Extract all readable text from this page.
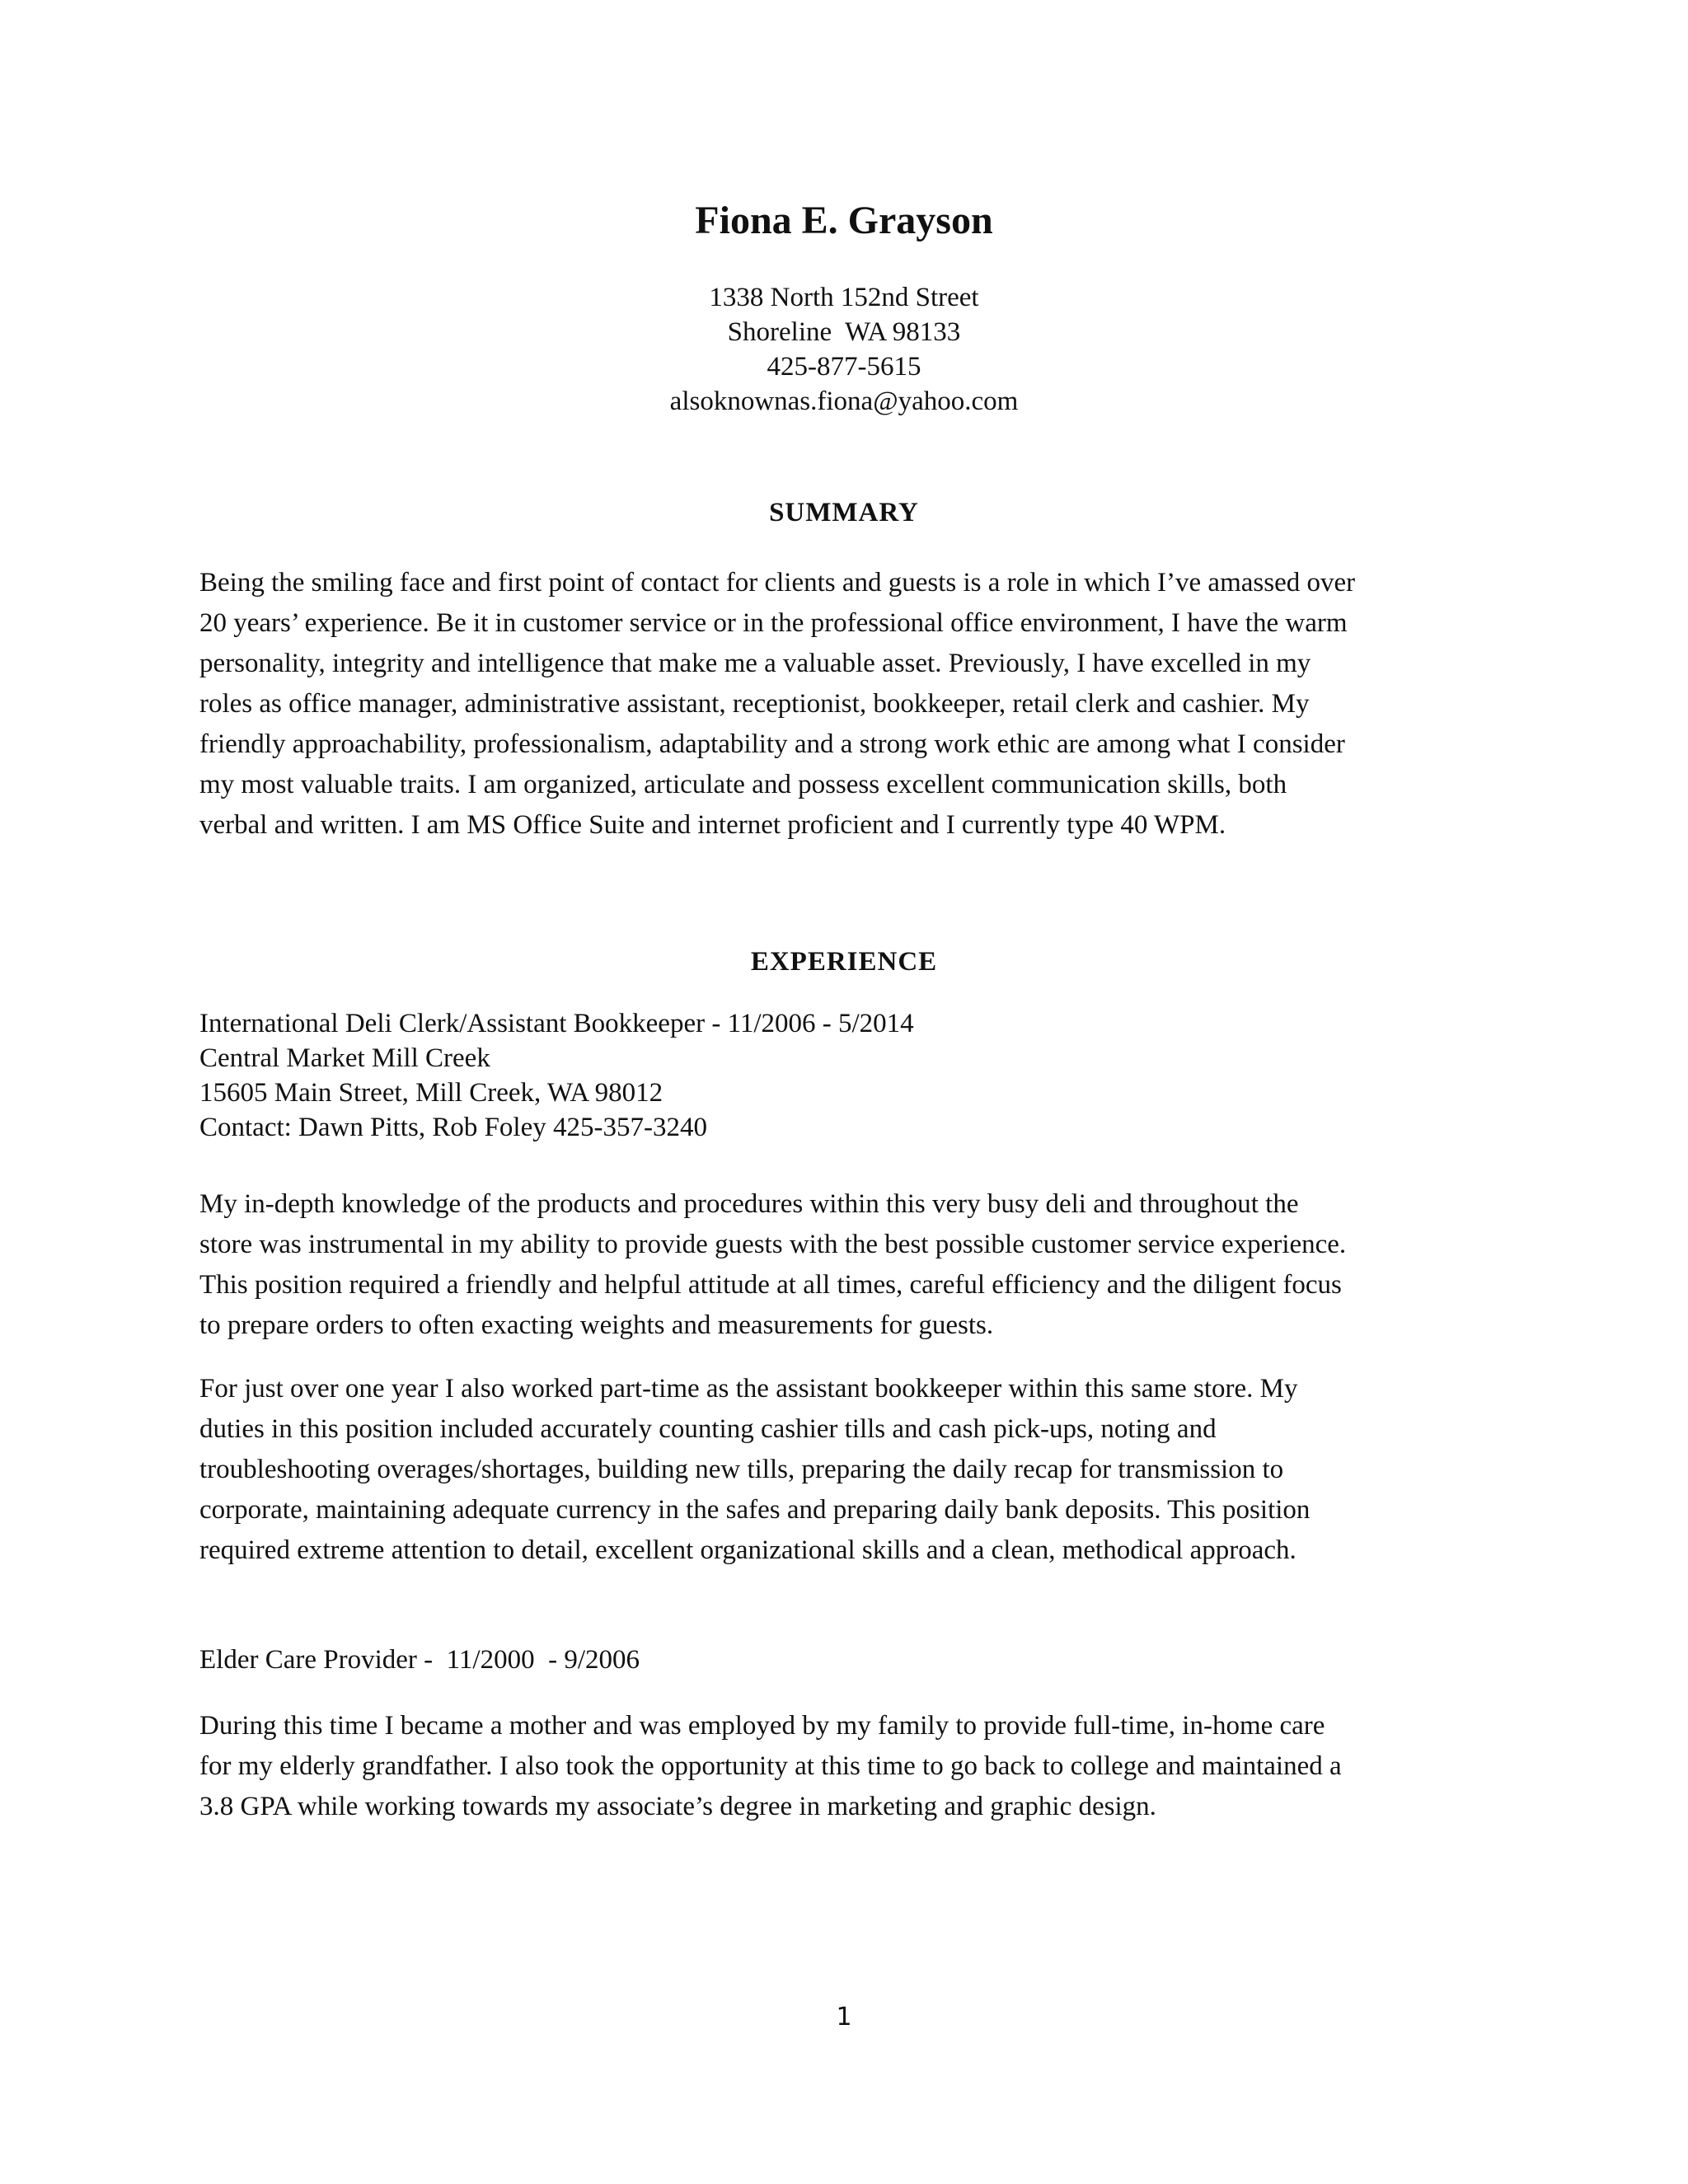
Fiona E. Grayson
1338 North 152nd Street
Shoreline  WA 98133
425-877-5615
alsoknownas.fiona@yahoo.com
SUMMARY

Being the smiling face and first point of contact for clients and guests is a role in which I’ve amassed over
20 years’ experience. Be it in customer service or in the professional office environment, I have the warm
personality, integrity and intelligence that make me a valuable asset. Previously, I have excelled in my
roles as office manager, administrative assistant, receptionist, bookkeeper, retail clerk and cashier. My
friendly approachability, professionalism, adaptability and a strong work ethic are among what I consider
my most valuable traits. I am organized, articulate and possess excellent communication skills, both
verbal and written. I am MS Office Suite and internet proficient and I currently type 40 WPM.

EXPERIENCE

International Deli Clerk/Assistant Bookkeeper - 11/2006 - 5/2014
Central Market Mill Creek
15605 Main Street, Mill Creek, WA 98012
Contact: Dawn Pitts, Rob Foley 425-357-3240

My in-depth knowledge of the products and procedures within this very busy deli and throughout the
store was instrumental in my ability to provide guests with the best possible customer service experience.
This position required a friendly and helpful attitude at all times, careful efficiency and the diligent focus
to prepare orders to often exacting weights and measurements for guests.

For just over one year I also worked part-time as the assistant bookkeeper within this same store. My
duties in this position included accurately counting cashier tills and cash pick-ups, noting and
troubleshooting overages/shortages, building new tills, preparing the daily recap for transmission to
corporate, maintaining adequate currency in the safes and preparing daily bank deposits. This position
required extreme attention to detail, excellent organizational skills and a clean, methodical approach.

Elder Care Provider -  11/2000  - 9/2006

During this time I became a mother and was employed by my family to provide full-time, in-home care
for my elderly grandfather. I also took the opportunity at this time to go back to college and maintained a
3.8 GPA while working towards my associate’s degree in marketing and graphic design.

1
